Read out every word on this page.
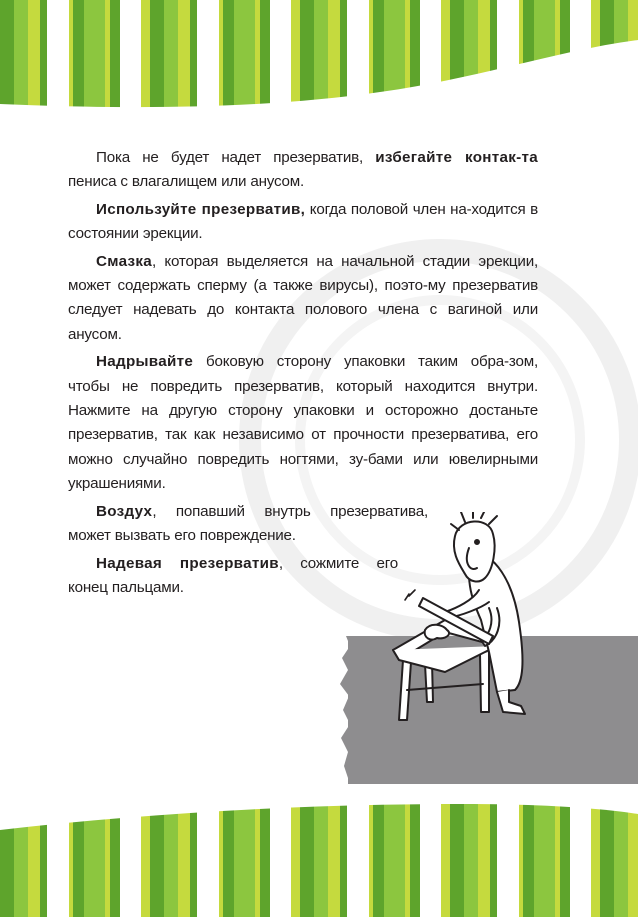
Пока не будет надет презерватив, избегайте контак-та пениса с влагалищем или анусом.

Используйте презерватив, когда половой член на-ходится в состоянии эрекции.

Смазка, которая выделяется на начальной стадии эрекции, может содержать сперму (а также вирусы), поэто-му презерватив следует надевать до контакта полового члена с вагиной или анусом.

Надрывайте боковую сторону упаковки таким обра-зом, чтобы не повредить презерватив, который находится внутри. Нажмите на другую сторону упаковки и осторожно достаньте презерватив, так как независимо от прочности презерватива, его можно случайно повредить ногтями, зу-бами или ювелирными украшениями.

Воздух, попавший внутрь презерватива, может вызвать его повреждение.

Надевая презерватив, сожмите его конец пальцами.
